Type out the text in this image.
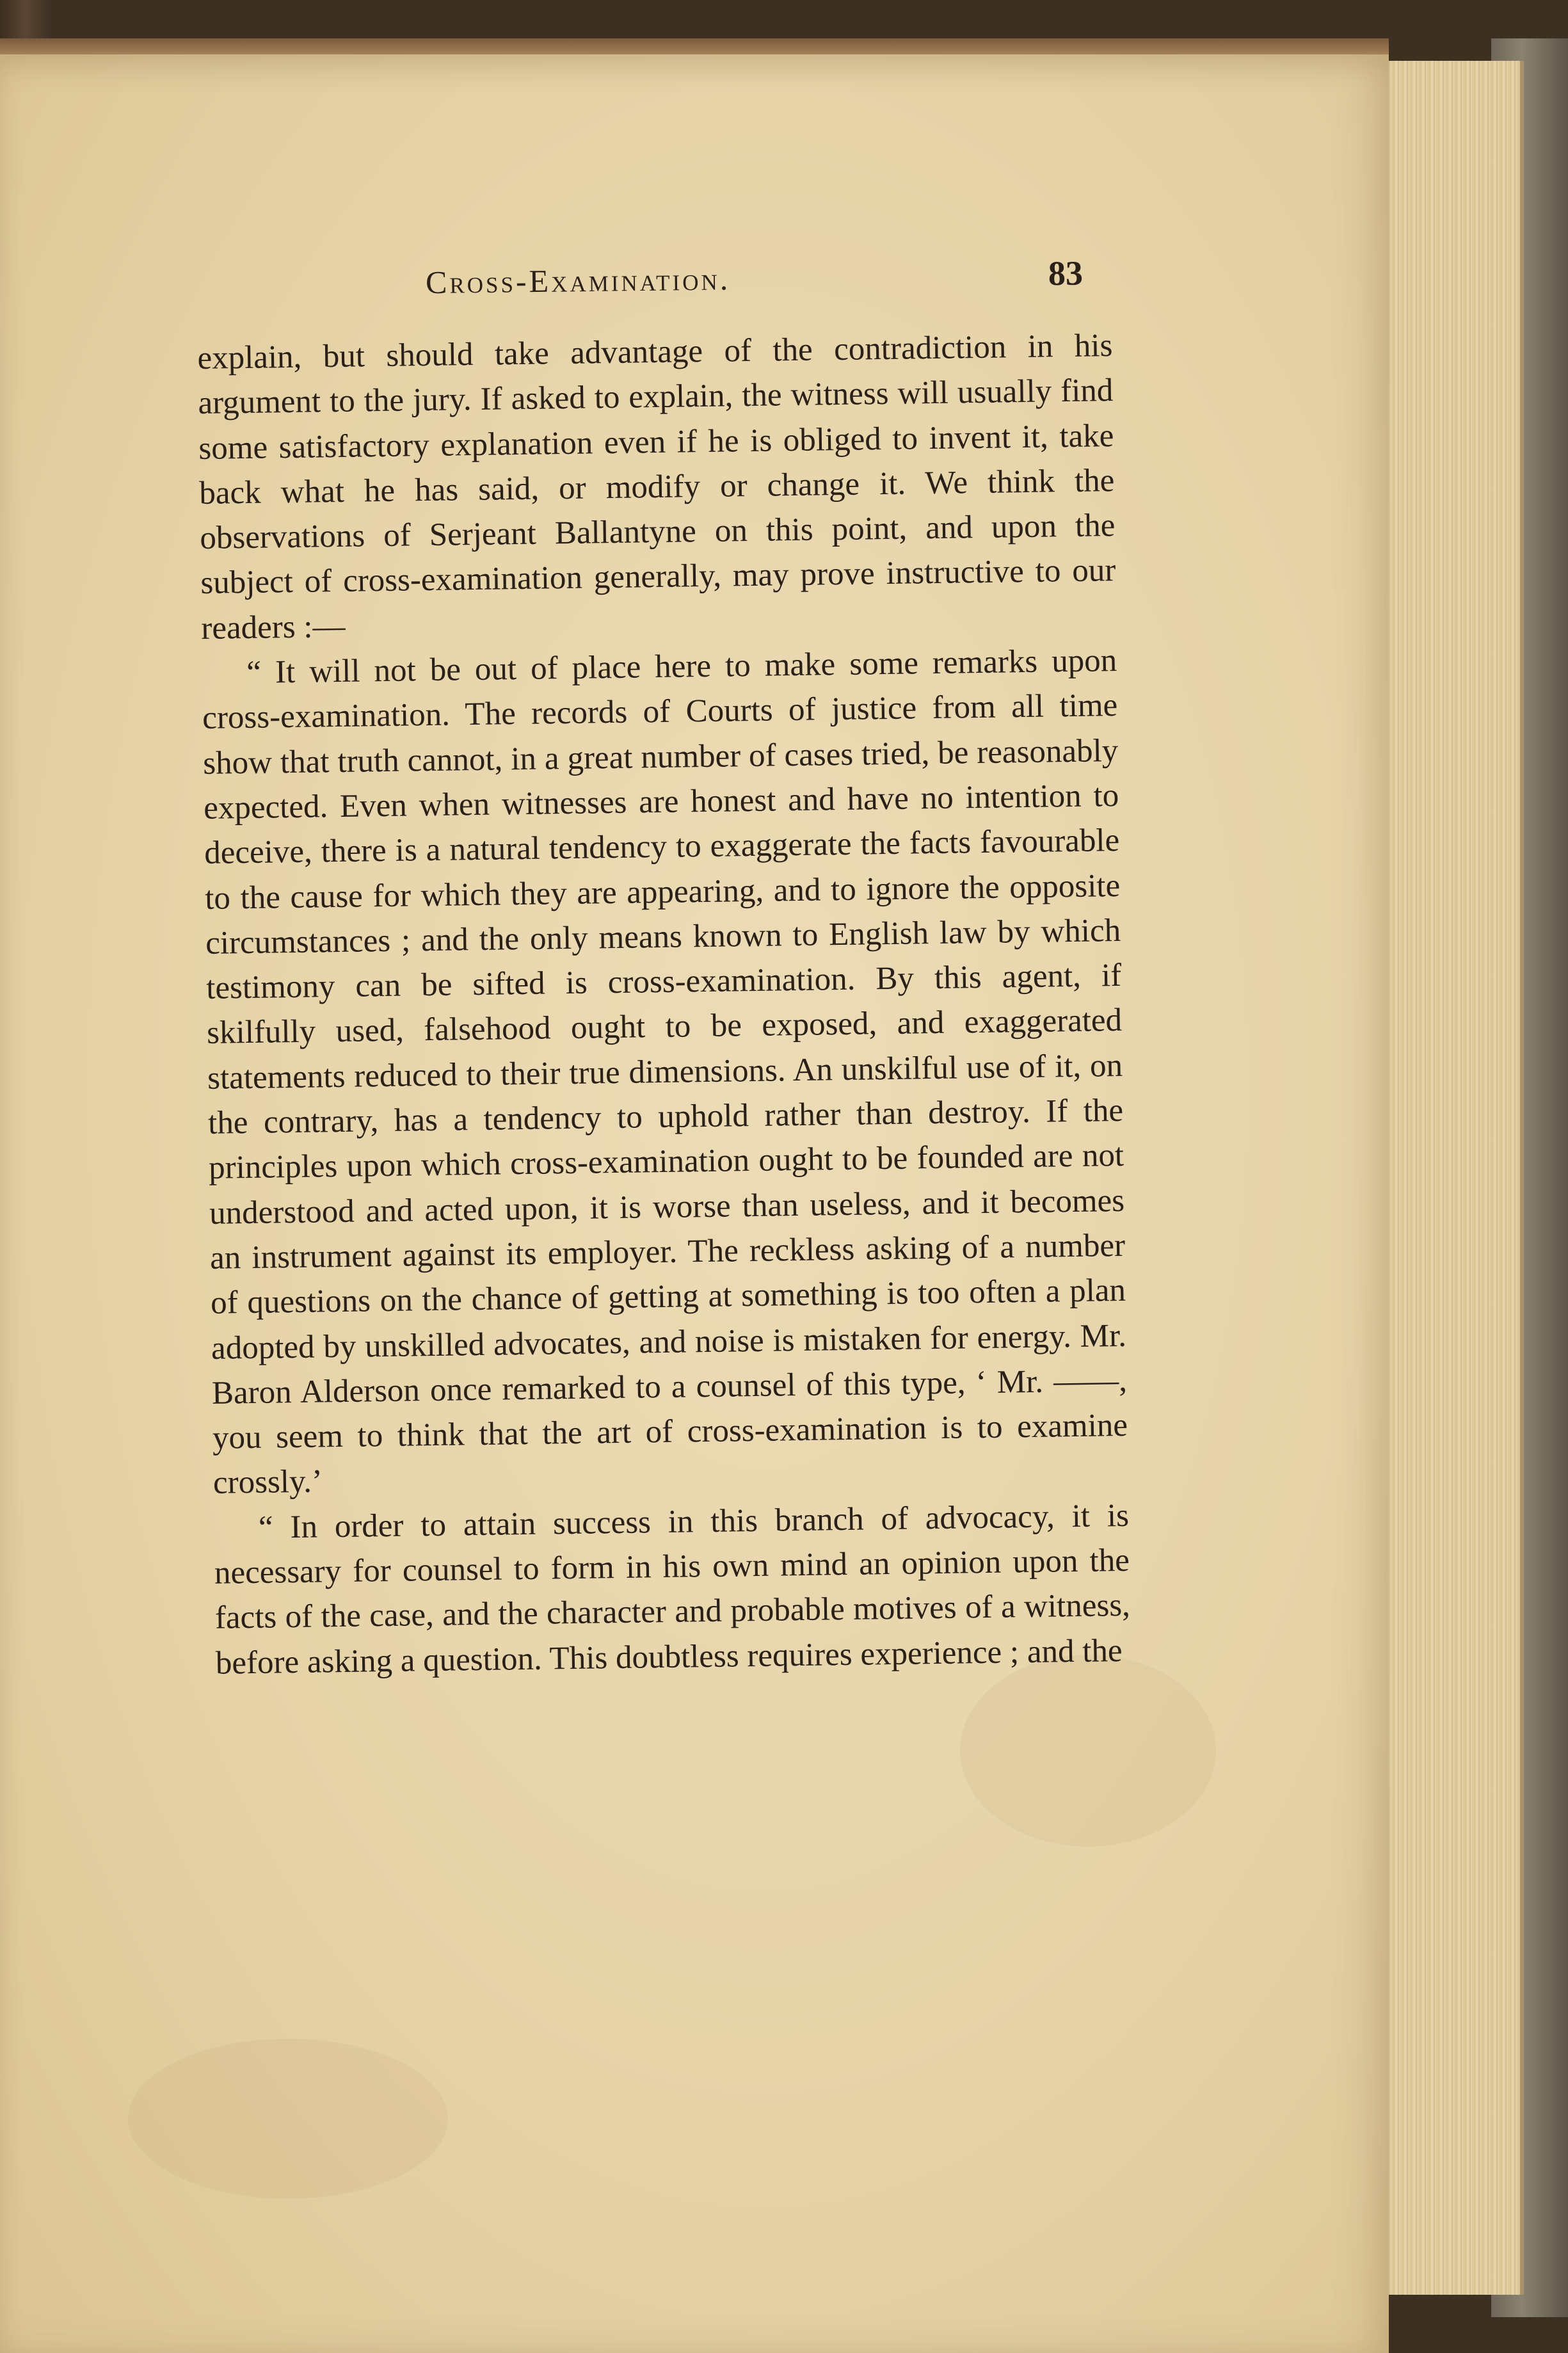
Cross-Examination.	83

explain, but should take advantage of the contradiction in his argument to the jury. If asked to explain, the witness will usually find some satisfactory explanation even if he is obliged to invent it, take back what he has said, or modify or change it. We think the observations of Serjeant Ballantyne on this point, and upon the subject of cross-examination generally, may prove instructive to our readers :—

“ It will not be out of place here to make some remarks upon cross-examination. The records of Courts of justice from all time show that truth cannot, in a great number of cases tried, be reasonably expected. Even when witnesses are honest and have no intention to deceive, there is a natural tendency to exaggerate the facts favourable to the cause for which they are appearing, and to ignore the opposite circumstances ; and the only means known to English law by which testimony can be sifted is cross-examination. By this agent, if skilfully used, falsehood ought to be exposed, and exaggerated statements reduced to their true dimensions. An unskilful use of it, on the contrary, has a tendency to uphold rather than destroy. If the principles upon which cross-examination ought to be founded are not understood and acted upon, it is worse than useless, and it becomes an instrument against its employer. The reckless asking of a number of questions on the chance of getting at something is too often a plan adopted by unskilled advocates, and noise is mistaken for energy. Mr. Baron Alderson once remarked to a counsel of this type, ‘ Mr. ——, you seem to think that the art of cross-examination is to examine crossly.’

“ In order to attain success in this branch of advocacy, it is necessary for counsel to form in his own mind an opinion upon the facts of the case, and the character and probable motives of a witness, before asking a question. This doubtless requires experience ; and the
